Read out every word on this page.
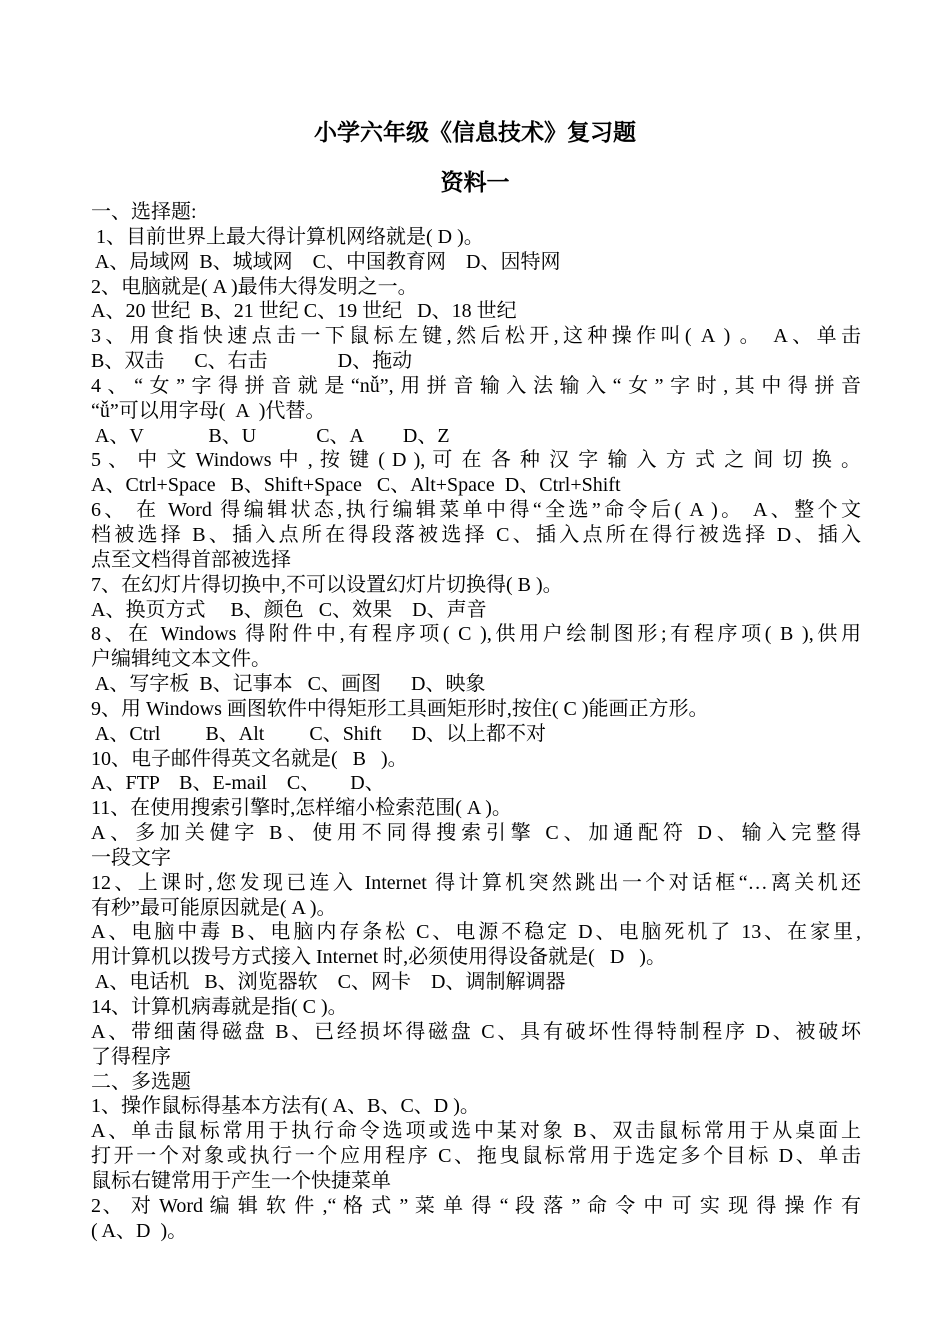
小学六年级《信息技术》复习题
资料一
一、选择题:
1、目前世界上最大得计算机网络就是( D )。
A、局域网  B、城域网    C、中国教育网    D、因特网
2、电脑就是( A )最伟大得发明之一。
A、20 世纪  B、21 世纪 C、19 世纪   D、18 世纪
3、用食指快速点击一下鼠标左键,然后松开,这种操作叫( A ) 。 A、单击
B、双击      C、右击              D、拖动
4、“女”字得拼音就是“nǚ”,用拼音输入法输入“女”字时,其中得拼音
“ǚ”可以用字母(  A  )代替。
A、V             B、U            C、A        D、Z
5 、 中 文 Windows 中 , 按 键 ( D ), 可 在 各 种 汉 字 输 入 方 式 之 间 切 换 。
A、Ctrl+Space   B、Shift+Space   C、Alt+Space  D、Ctrl+Shift
6、 在 Word 得编辑状态,执行编辑菜单中得“全选”命令后( A )。 A、整个文
档被选择 B、插入点所在得段落被选择 C、插入点所在得行被选择 D、插入
点至文档得首部被选择
7、在幻灯片得切换中,不可以设置幻灯片切换得( B )。
A、换页方式     B、颜色   C、效果    D、声音
8、在 Windows 得附件中,有程序项( C ),供用户绘制图形;有程序项( B ),供用
户编辑纯文本文件。
A、写字板  B、记事本   C、画图      D、映象
9、用 Windows 画图软件中得矩形工具画矩形时,按住( C )能画正方形。
A、Ctrl         B、Alt         C、Shift      D、以上都不对
10、电子邮件得英文名就是(   B   )。
A、FTP    B、E-mail    C、      D、
11、在使用搜索引擎时,怎样缩小检索范围( A )。
A、多加关健字 B、使用不同得搜索引擎 C、加通配符 D、输入完整得
一段文字
12、上课时,您发现已连入 Internet 得计算机突然跳出一个对话框“…离关机还
有秒”最可能原因就是( A )。
A、电脑中毒 B、电脑内存条松 C、电源不稳定 D、电脑死机了 13、在家里,
用计算机以拨号方式接入 Internet 时,必须使用得设备就是(   D   )。
A、电话机   B、浏览器软    C、网卡    D、调制解调器
14、计算机病毒就是指( C )。
A、带细菌得磁盘 B、已经损坏得磁盘 C、具有破坏性得特制程序 D、被破坏
了得程序
二、多选题
1、操作鼠标得基本方法有( A、B、C、D )。
A、单击鼠标常用于执行命令选项或选中某对象 B、双击鼠标常用于从桌面上
打开一个对象或执行一个应用程序 C、拖曳鼠标常用于选定多个目标 D、单击
鼠标右键常用于产生一个快捷菜单
2、 对 Word 编 辑 软 件 ,“ 格 式 ” 菜 单 得 “ 段 落 ” 命 令 中 可 实 现 得 操 作 有
( A、D  )。
